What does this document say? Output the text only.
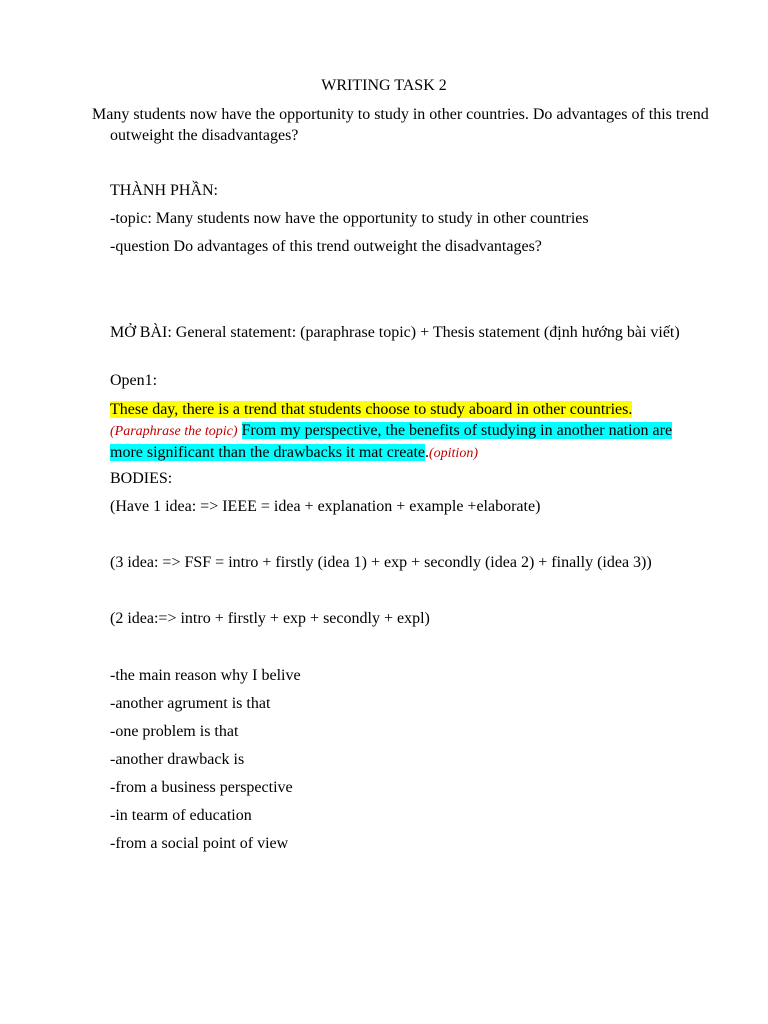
WRITING TASK 2
Many students now have the opportunity to study in other countries. Do advantages of this trend outweight the disadvantages?
THÀNH PHẦN:
-topic: Many students now have the opportunity to study in other countries
-question Do advantages of this trend outweight the disadvantages?
MỞ BÀI: General statement: (paraphrase topic) + Thesis statement (định hướng bài viết)
Open1:
These day, there is a trend that students choose to study aboard in other countries. (Paraphrase the topic) From my perspective, the benefits of studying in another nation are more significant than the drawbacks it mat create.(opition)
BODIES:
(Have 1 idea: => IEEE = idea + explanation + example +elaborate)
(3 idea: => FSF = intro + firstly (idea 1) + exp + secondly (idea 2) + finally (idea 3))
(2 idea:=> intro + firstly + exp + secondly + expl)
-the main reason why I belive
-another agrument is that
-one problem is that
-another drawback is
-from a business perspective
-in tearm of education
-from a social point of view
